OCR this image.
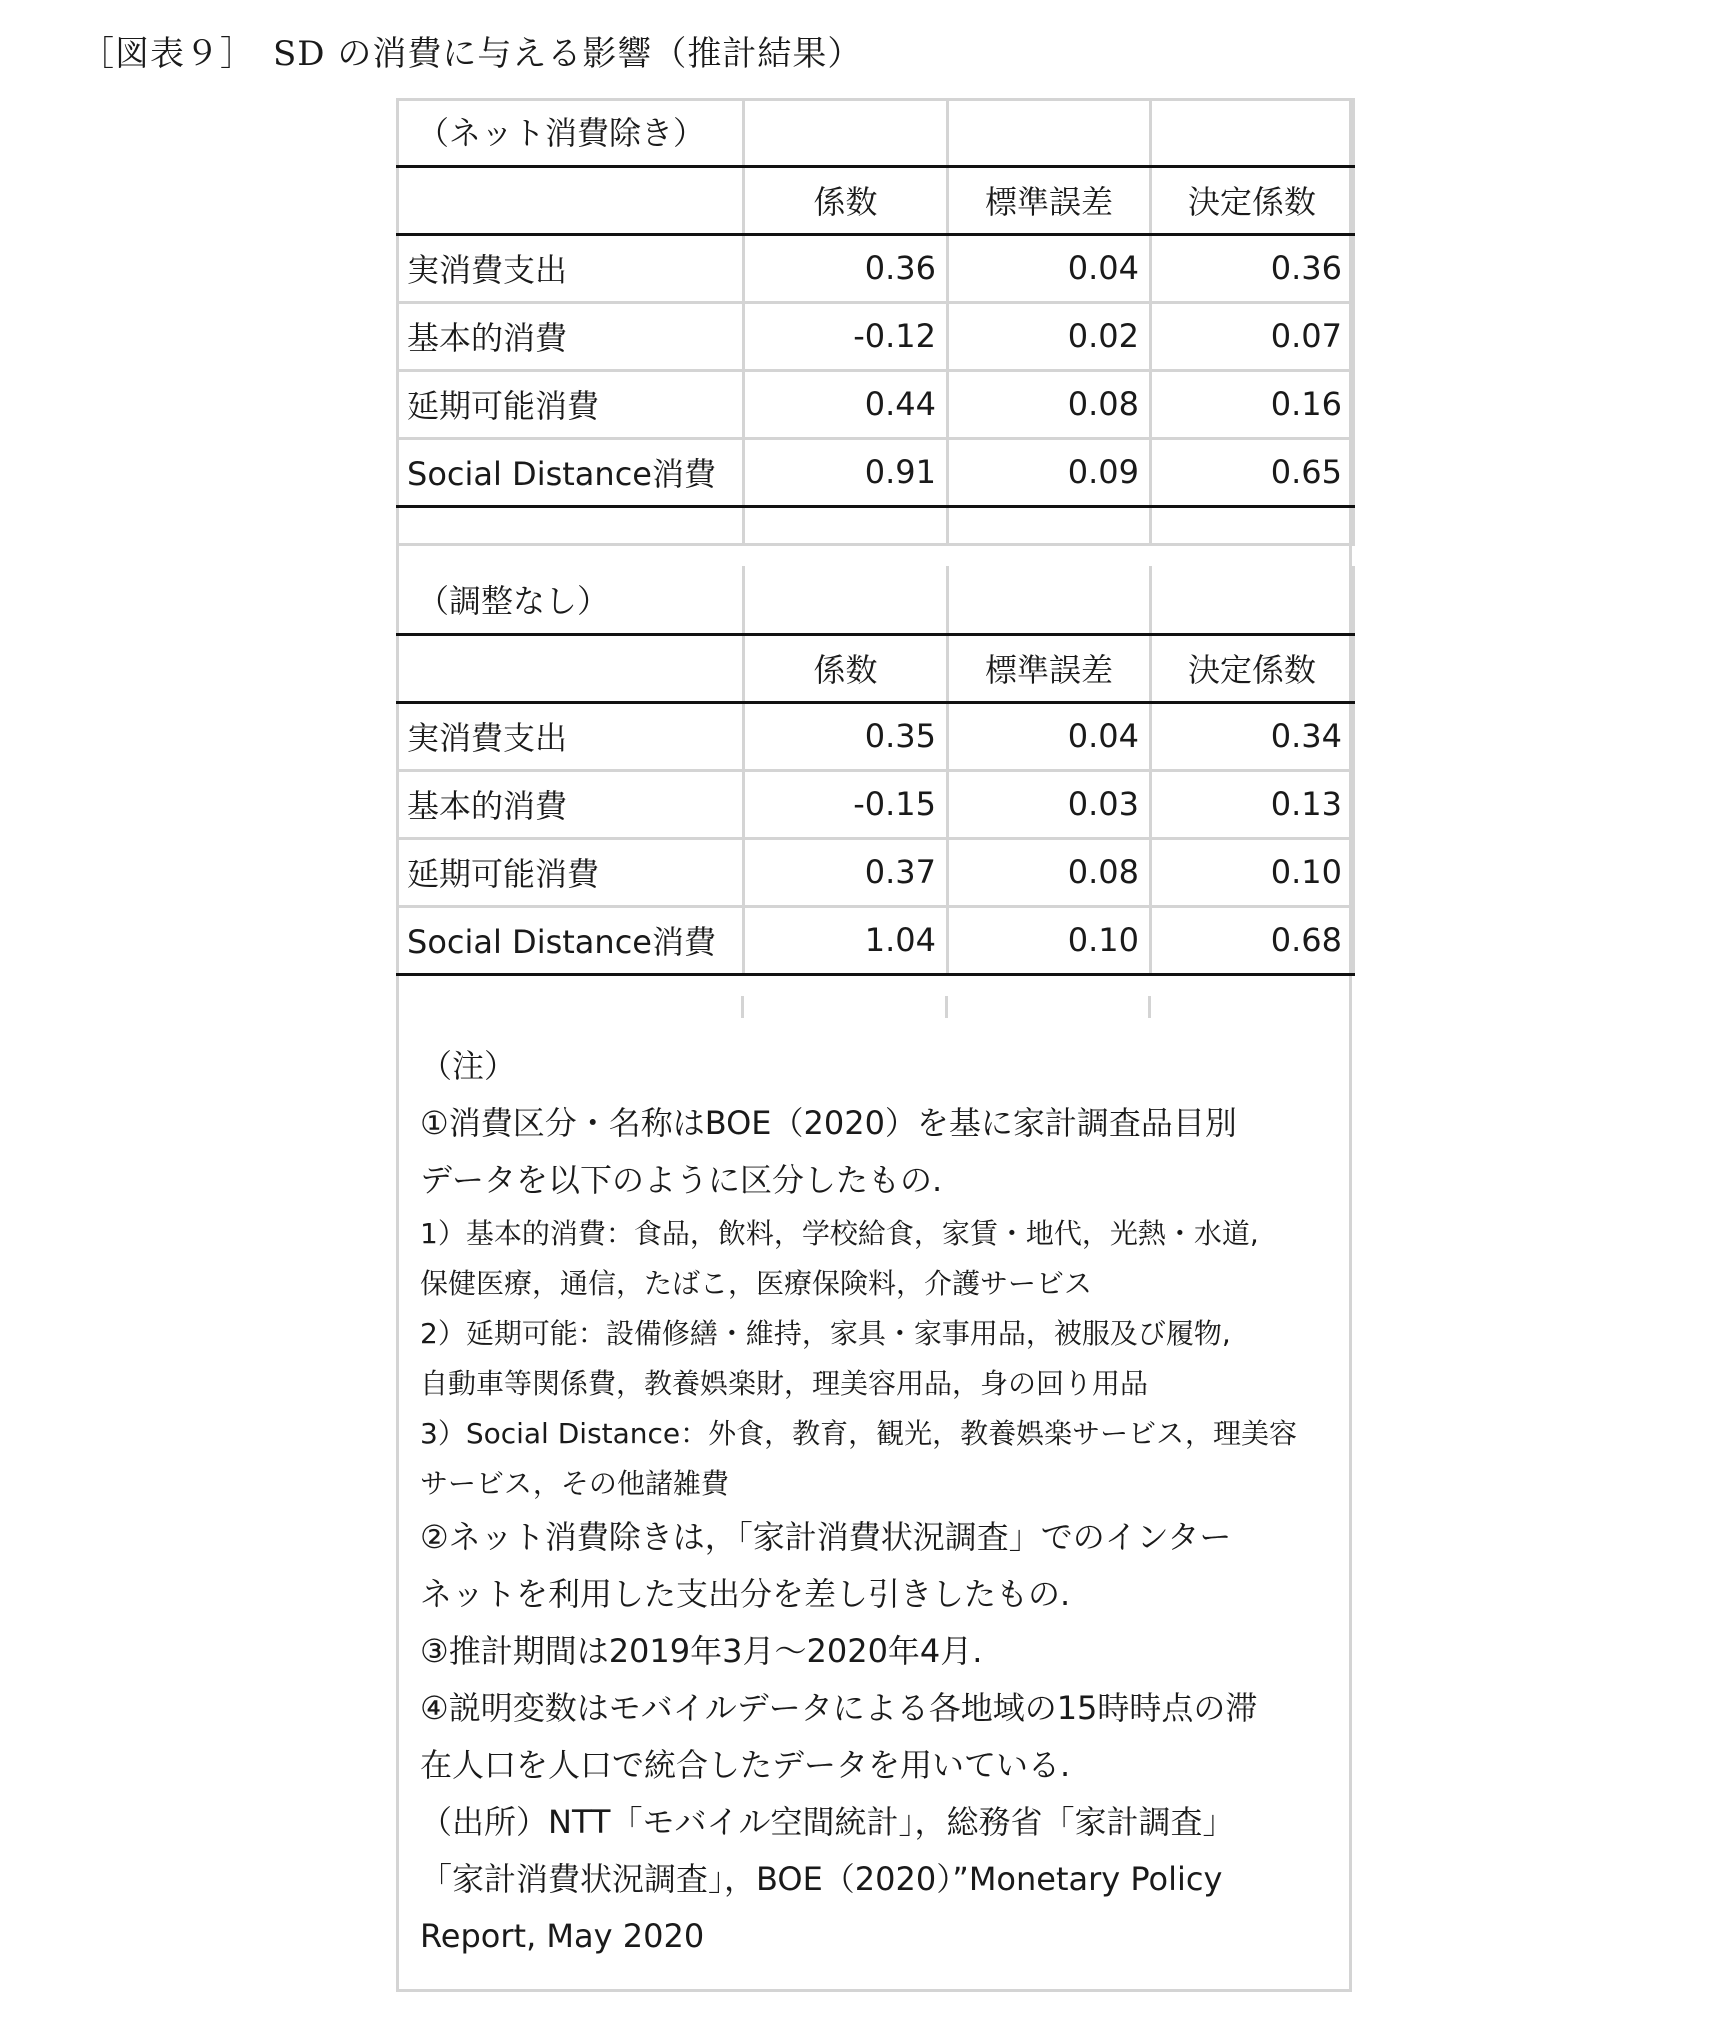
［図表９］　SD の消費に与える影響（推計結果）
（ネット消費除き）			
	係数	標準誤差	決定係数
実消費支出	0.36	0.04	0.36
基本的消費	-0.12	0.02	0.07
延期可能消費	0.44	0.08	0.16
Social Distance消費	0.91	0.09	0.65

（調整なし）			
	係数	標準誤差	決定係数
実消費支出	0.35	0.04	0.34
基本的消費	-0.15	0.03	0.13
延期可能消費	0.37	0.08	0.10
Social Distance消費	1.04	0.10	0.68
（注）
①消費区分・名称はBOE（2020）を基に家計調査品目別
データを以下のように区分したもの.
1）基本的消費：食品，飲料，学校給食，家賃・地代，光熱・水道,
保健医療，通信，たばこ，医療保険料，介護サービス
2）延期可能：設備修繕・維持，家具・家事用品，被服及び履物,
自動車等関係費，教養娯楽財，理美容用品，身の回り用品
3）Social Distance：外食，教育，観光，教養娯楽サービス，理美容
サービス，その他諸雑費
②ネット消費除きは，「家計消費状況調査」でのインター
ネットを利用した支出分を差し引きしたもの.
③推計期間は2019年3月～2020年4月.
④説明変数はモバイルデータによる各地域の15時時点の滞
在人口を人口で統合したデータを用いている.
（出所）NTT「モバイル空間統計」，総務省「家計調査」
「家計消費状況調査」，BOE（2020）”Monetary Policy
Report, May 2020
